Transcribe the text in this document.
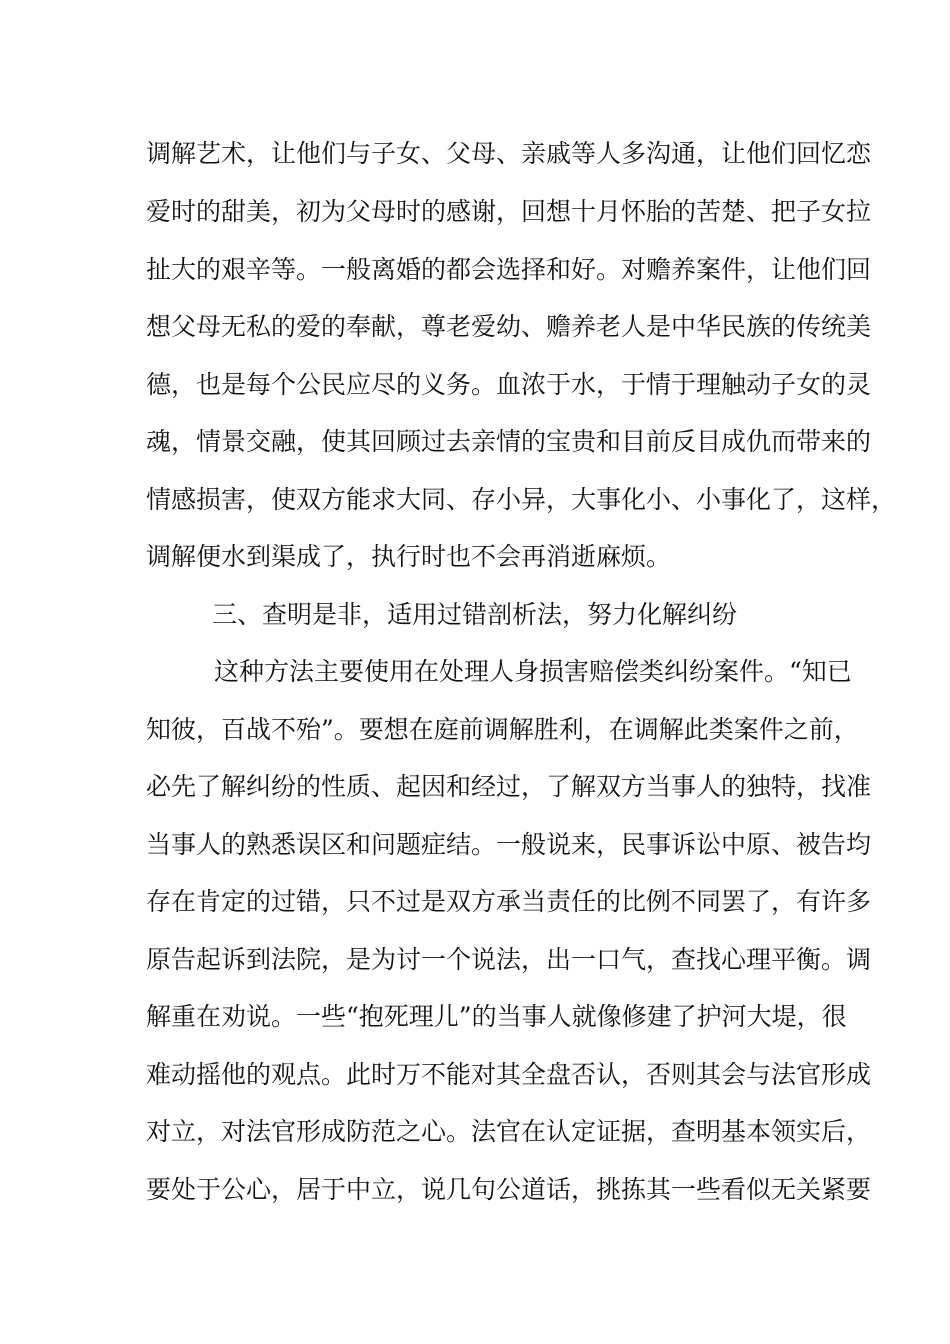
调解艺术，让他们与子女、父母、亲戚等人多沟通，让他们回忆恋
爱时的甜美，初为父母时的感谢，回想十月怀胎的苦楚、把子女拉
扯大的艰辛等。一般离婚的都会选择和好。对赡养案件，让他们回
想父母无私的爱的奉献，尊老爱幼、赡养老人是中华民族的传统美
德，也是每个公民应尽的义务。血浓于水，于情于理触动子女的灵
魂，情景交融，使其回顾过去亲情的宝贵和目前反目成仇而带来的
情感损害，使双方能求大同、存小异，大事化小、小事化了，这样，
调解便水到渠成了，执行时也不会再消逝麻烦。
三、查明是非，适用过错剖析法，努力化解纠纷
这种方法主要使用在处理人身损害赔偿类纠纷案件。“知已
知彼，百战不殆”。要想在庭前调解胜利，在调解此类案件之前，
必先了解纠纷的性质、起因和经过，了解双方当事人的独特，找准
当事人的熟悉误区和问题症结。一般说来，民事诉讼中原、被告均
存在肯定的过错，只不过是双方承当责任的比例不同罢了，有许多
原告起诉到法院，是为讨一个说法，出一口气，查找心理平衡。调
解重在劝说。一些“抱死理儿”的当事人就像修建了护河大堤，很
难动摇他的观点。此时万不能对其全盘否认，否则其会与法官形成
对立，对法官形成防范之心。法官在认定证据，查明基本领实后，
要处于公心，居于中立，说几句公道话，挑拣其一些看似无关紧要
